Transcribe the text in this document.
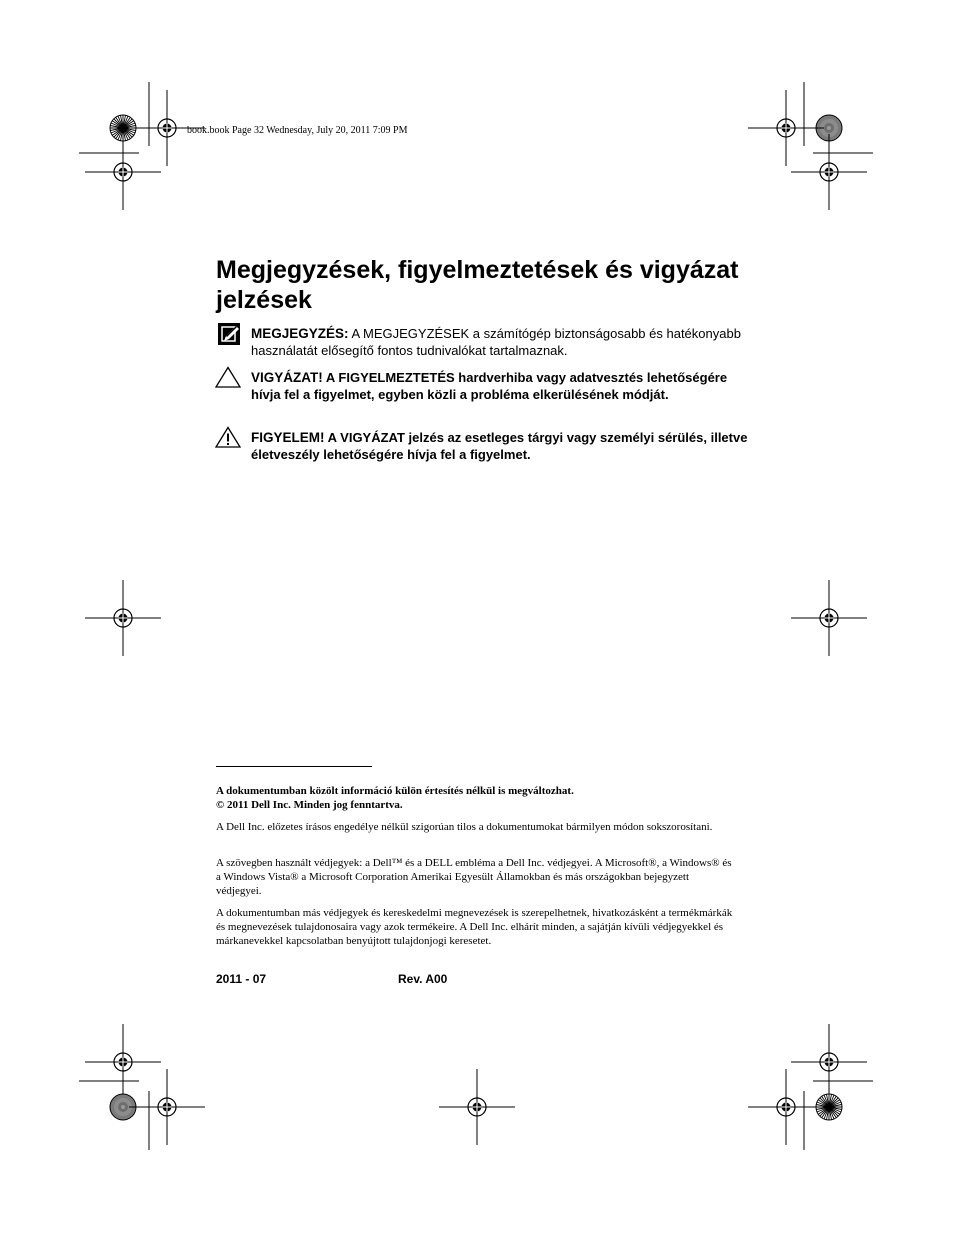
book.book Page 32 Wednesday, July 20, 2011 7:09 PM
Megjegyzések, figyelmeztetések és vigyázat jelzések

MEGJEGYZÉS: A MEGJEGYZÉSEK a számítógép biztonságosabb és hatékonyabb használatát elősegítő fontos tudnivalókat tartalmaznak.

VIGYÁZAT! A FIGYELMEZTETÉS hardverhiba vagy adatvesztés lehetőségére hívja fel a figyelmet, egyben közli a probléma elkerülésének módját.

FIGYELEM! A VIGYÁZAT jelzés az esetleges tárgyi vagy személyi sérülés, illetve életveszély lehetőségére hívja fel a figyelmet.

A dokumentumban közölt információ külön értesítés nélkül is megváltozhat.
© 2011 Dell Inc. Minden jog fenntartva.

A Dell Inc. előzetes írásos engedélye nélkül szigorúan tilos a dokumentumokat bármilyen módon sokszorosítani.

A szövegben használt védjegyek: a Dell™ és a DELL embléma a Dell Inc. védjegyei. A Microsoft®, a Windows® és a Windows Vista® a Microsoft Corporation Amerikai Egyesült Államokban és más országokban bejegyzett védjegyei.

A dokumentumban más védjegyek és kereskedelmi megnevezések is szerepelhetnek, hivatkozásként a termékmárkák és megnevezések tulajdonosaira vagy azok termékeire. A Dell Inc. elhárít minden, a sajátján kívüli védjegyekkel és márkanevekkel kapcsolatban benyújtott tulajdonjogi keresetet.

2011 - 07	Rev. A00
